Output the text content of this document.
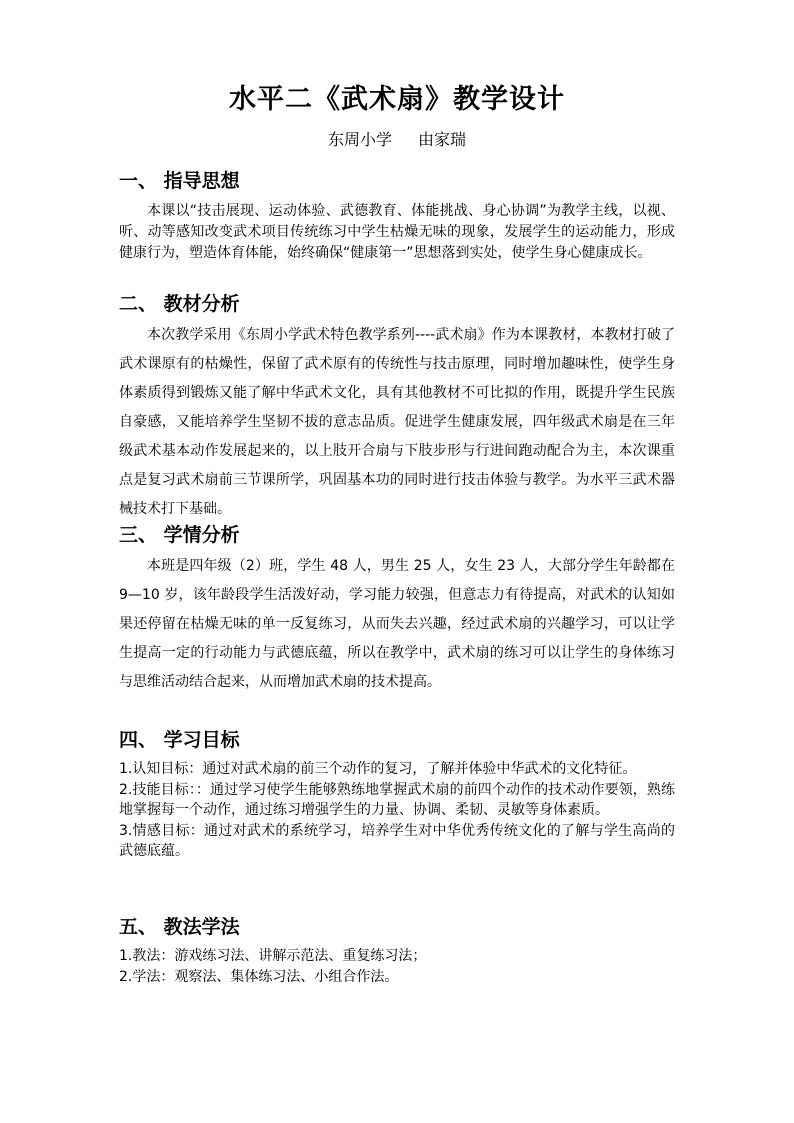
水平二《武术扇》教学设计
东周小学 由家瑞
一、 指导思想

本课以“技击展现、运动体验、武德教育、体能挑战、身心协调”为教学主线，以视、听、动等感知改变武术项目传统练习中学生枯燥无味的现象，发展学生的运动能力，形成健康行为，塑造体育体能，始终确保“健康第一”思想落到实处，使学生身心健康成长。

二、 教材分析

本次教学采用《东周小学武术特色教学系列----武术扇》作为本课教材，本教材打破了武术课原有的枯燥性，保留了武术原有的传统性与技击原理，同时增加趣味性，使学生身体素质得到锻炼又能了解中华武术文化，具有其他教材不可比拟的作用，既提升学生民族自豪感，又能培养学生坚韧不拔的意志品质。促进学生健康发展，四年级武术扇是在三年级武术基本动作发展起来的，以上肢开合扇与下肢步形与行进间跑动配合为主，本次课重点是复习武术扇前三节课所学，巩固基本功的同时进行技击体验与教学。为水平三武术器械技术打下基础。

三、 学情分析

本班是四年级（2）班，学生 48 人，男生 25 人，女生 23 人，大部分学生年龄都在 9—10 岁，该年龄段学生活泼好动，学习能力较强，但意志力有待提高，对武术的认知如果还停留在枯燥无味的单一反复练习，从而失去兴趣，经过武术扇的兴趣学习，可以让学生提高一定的行动能力与武德底蕴，所以在教学中，武术扇的练习可以让学生的身体练习与思维活动结合起来，从而增加武术扇的技术提高。

四、 学习目标

1.认知目标：通过对武术扇的前三个动作的复习，了解并体验中华武术的文化特征。

2.技能目标：：通过学习使学生能够熟练地掌握武术扇的前四个动作的技术动作要领，熟练地掌握每一个动作，通过练习增强学生的力量、协调、柔韧、灵敏等身体素质。

3.情感目标：通过对武术的系统学习，培养学生对中华优秀传统文化的了解与学生高尚的武德底蕴。

五、 教法学法

1.教法：游戏练习法、讲解示范法、重复练习法；

2.学法：观察法、集体练习法、小组合作法。
